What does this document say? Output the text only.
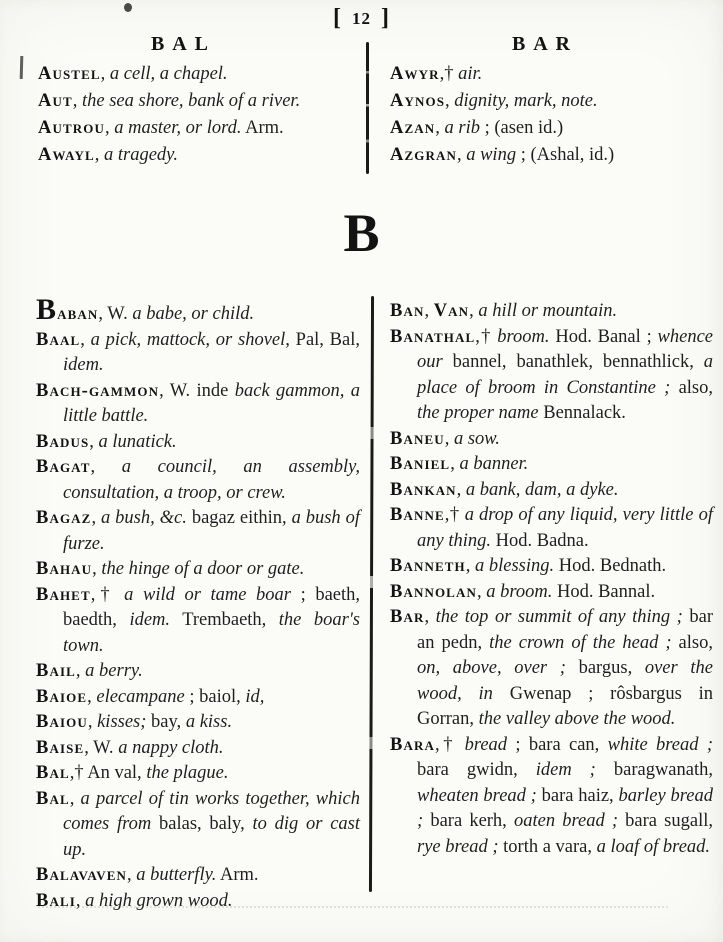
[ 12 ]
B A L	B A R

Austel, a cell, a chapel.

Aut, the sea shore, bank of a river.

Autrou, a master, or lord. Arm.

Awayl, a tragedy.

Awyr,† air.

Aynos, dignity, mark, note.

Azan, a rib ; (asen id.)

Azgran, a wing ; (Ashal, id.)

B

Baban, W. a babe, or child.

Baal, a pick, mattock, or shovel, Pal, Bal, idem.

Bach-gammon, W. inde back gammon, a little battle.

Badus, a lunatick.

Bagat, a council, an assembly, consultation, a troop, or crew.

Bagaz, a bush, &c. bagaz eithin, a bush of furze.

Bahau, the hinge of a door or gate.

Bahet,† a wild or tame boar ; baeth, baedth, idem. Trembaeth, the boar's town.

Bail, a berry.

Baioe, elecampane ; baiol, id,

Baiou, kisses; bay, a kiss.

Baise, W. a nappy cloth.

Bal,† An val, the plague.

Bal, a parcel of tin works together, which comes from balas, baly, to dig or cast up.

Balavaven, a butterfly. Arm.

Bali, a high grown wood.

Ban, Van, a hill or mountain.

Banathal,† broom. Hod. Banal ; whence our bannel, banathlek, bennathlick, a place of broom in Constantine ; also, the proper name Bennalack.

Baneu, a sow.

Baniel, a banner.

Bankan, a bank, dam, a dyke.

Banne,† a drop of any liquid, very little of any thing. Hod. Badna.

Banneth, a blessing. Hod. Bednath.

Bannolan, a broom. Hod. Bannal.

Bar, the top or summit of any thing ; bar an pedn, the crown of the head ; also, on, above, over ; bargus, over the wood, in Gwenap ; rôsbargus in Gorran, the valley above the wood.

Bara,† bread ; bara can, white bread ; bara gwidn, idem ; baragwanath, wheaten bread ; bara haiz, barley bread ; bara kerh, oaten bread ; bara sugall, rye bread ; torth a vara, a loaf of bread.
